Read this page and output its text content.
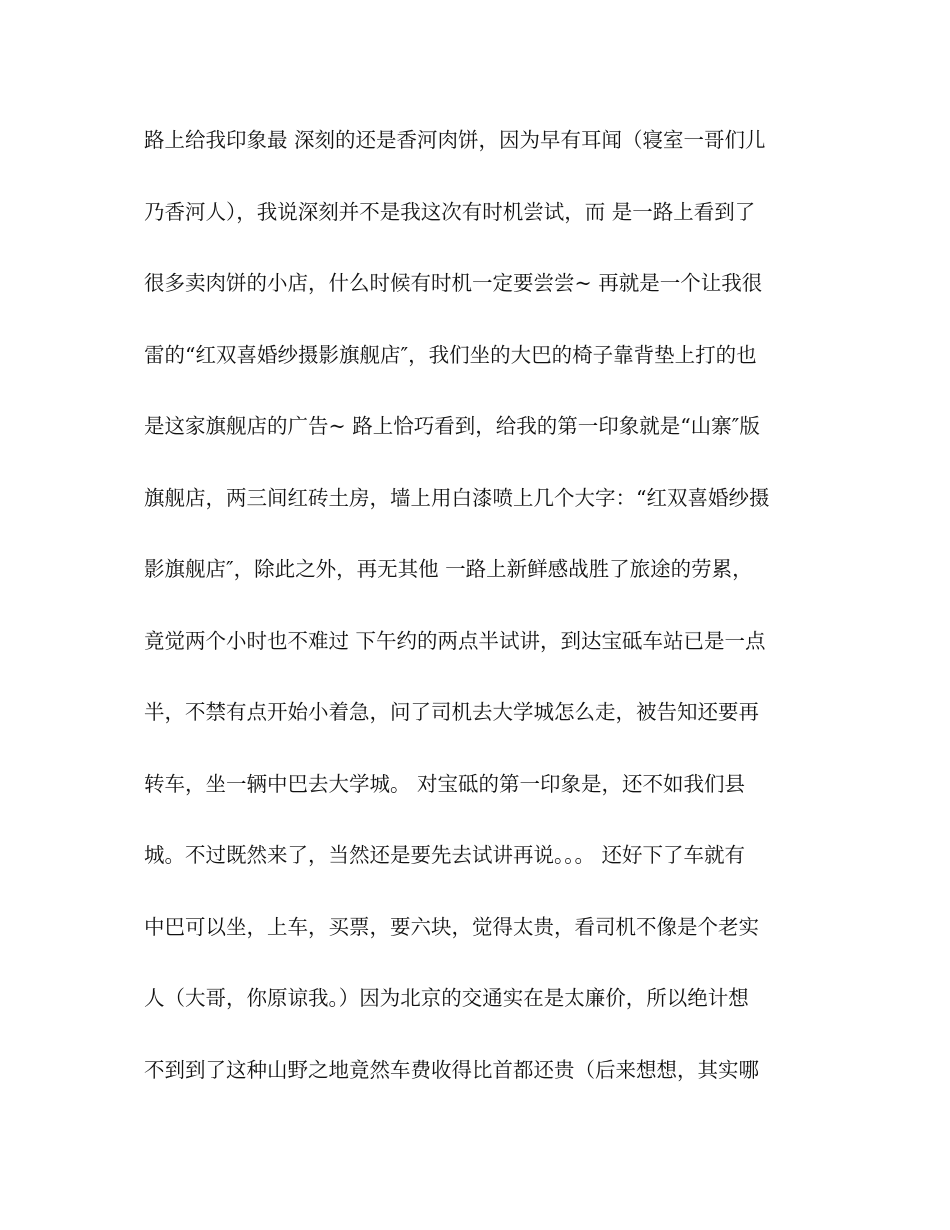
路上给我印象最 深刻的还是香河肉饼，因为早有耳闻（寝室一哥们儿
乃香河人），我说深刻并不是我这次有时机尝试，而 是一路上看到了
很多卖肉饼的小店，什么时候有时机一定要尝尝~ 再就是一个让我很
雷的“红双喜婚纱摄影旗舰店″，我们坐的大巴的椅子靠背垫上打的也
是这家旗舰店的广告~ 路上恰巧看到，给我的第一印象就是“山寨″版
旗舰店，两三间红砖土房，墙上用白漆喷上几个大字：“红双喜婚纱摄
影旗舰店″，除此之外，再无其他 一路上新鲜感战胜了旅途的劳累，
竟觉两个小时也不难过 下午约的两点半试讲，到达宝砥车站已是一点
半，不禁有点开始小着急，问了司机去大学城怎么走，被告知还要再
转车，坐一辆中巴去大学城。 对宝砥的第一印象是，还不如我们县
城。不过既然来了，当然还是要先去试讲再说。。。 还好下了车就有
中巴可以坐，上车，买票，要六块，觉得太贵，看司机不像是个老实
人（大哥，你原谅我。）因为北京的交通实在是太廉价，所以绝计想
不到到了这种山野之地竟然车费收得比首都还贵（后来想想，其实哪
